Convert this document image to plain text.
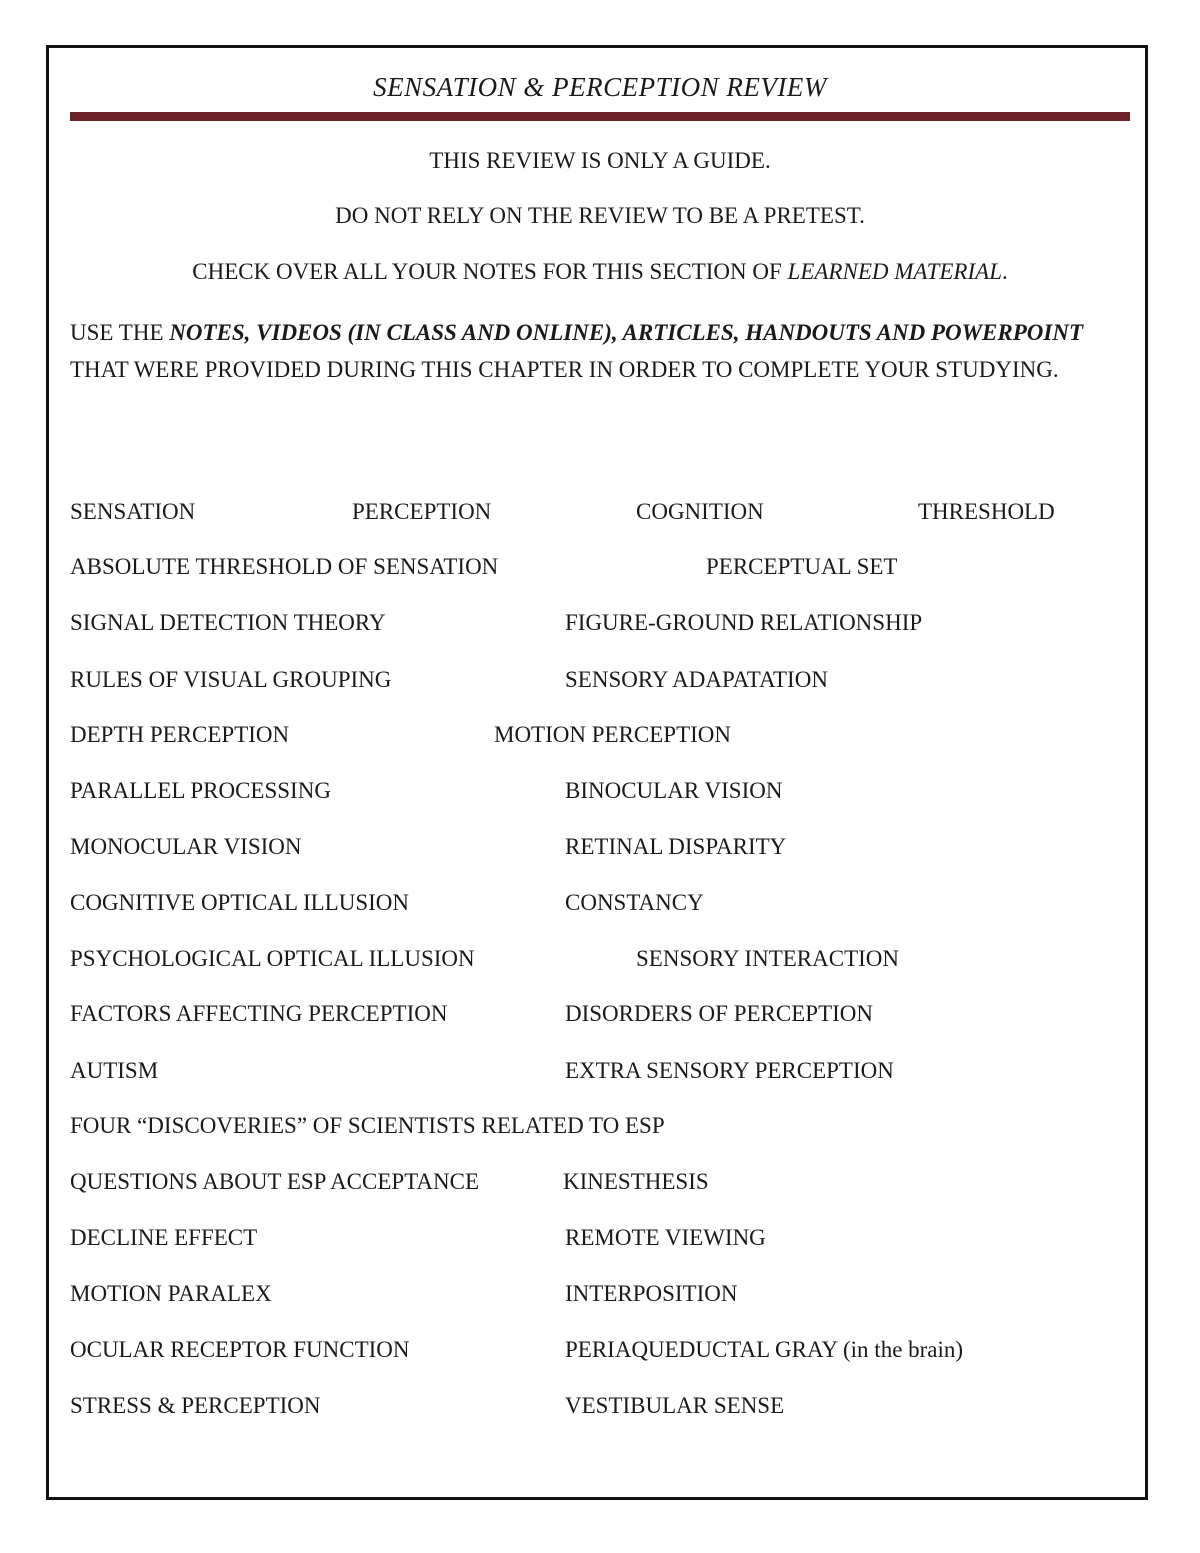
SENSATION & PERCEPTION REVIEW
THIS REVIEW IS ONLY A GUIDE.
DO NOT RELY ON THE REVIEW TO BE A PRETEST.
CHECK OVER ALL YOUR NOTES FOR THIS SECTION OF LEARNED MATERIAL.
USE THE NOTES, VIDEOS (IN CLASS AND ONLINE), ARTICLES, HANDOUTS AND POWERPOINT THAT WERE PROVIDED DURING THIS CHAPTER IN ORDER TO COMPLETE YOUR STUDYING.
SENSATION	PERCEPTION	COGNITION	THRESHOLD
ABSOLUTE THRESHOLD OF SENSATION	PERCEPTUAL SET
SIGNAL DETECTION THEORY	FIGURE-GROUND RELATIONSHIP
RULES OF VISUAL GROUPING	SENSORY ADAPATATION
DEPTH PERCEPTION	MOTION PERCEPTION
PARALLEL PROCESSING	BINOCULAR VISION
MONOCULAR VISION	RETINAL DISPARITY
COGNITIVE OPTICAL ILLUSION	CONSTANCY
PSYCHOLOGICAL OPTICAL ILLUSION	SENSORY INTERACTION
FACTORS AFFECTING PERCEPTION	DISORDERS OF PERCEPTION
AUTISM	EXTRA SENSORY PERCEPTION
FOUR “DISCOVERIES” OF SCIENTISTS RELATED TO ESP
QUESTIONS ABOUT ESP ACCEPTANCE	KINESTHESIS
DECLINE EFFECT	REMOTE VIEWING
MOTION PARALEX	INTERPOSITION
OCULAR RECEPTOR FUNCTION	PERIAQUEDUCTAL GRAY (in the brain)
STRESS & PERCEPTION	VESTIBULAR SENSE
